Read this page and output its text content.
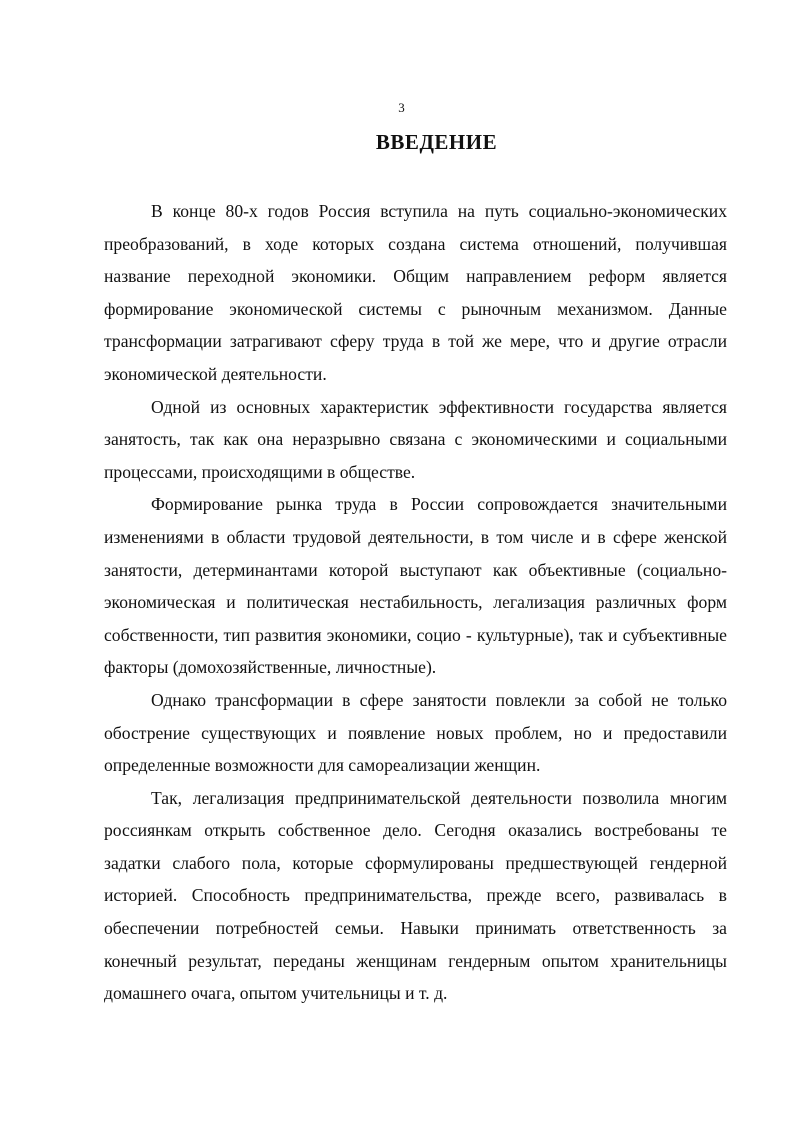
3
ВВЕДЕНИЕ

В конце 80-х годов Россия вступила на путь социально-экономических преобразований, в ходе которых создана система отношений, получившая название переходной экономики. Общим направлением реформ является формирование экономической системы с рыночным механизмом. Данные трансформации затрагивают сферу труда в той же мере, что и другие отрасли экономической деятельности.

Одной из основных характеристик эффективности государства является занятость, так как она неразрывно связана с экономическими и социальными процессами, происходящими в обществе.

Формирование рынка труда в России сопровождается значительными изменениями в области трудовой деятельности, в том числе и в сфере женской занятости, детерминантами которой выступают как объективные (социально-экономическая и политическая нестабильность, легализация различных форм собственности, тип развития экономики, социо - культурные), так и субъективные факторы (домохозяйственные, личностные).

Однако трансформации в сфере занятости повлекли за собой не только обострение существующих и появление новых проблем, но и предоставили определенные возможности для самореализации женщин.

Так, легализация предпринимательской деятельности позволила многим россиянкам открыть собственное дело. Сегодня оказались востребованы те задатки слабого пола, которые сформулированы предшествующей гендерной историей. Способность предпринимательства, прежде всего, развивалась в обеспечении потребностей семьи. Навыки принимать ответственность за конечный результат, переданы женщинам гендерным опытом хранительницы домашнего очага, опытом учительницы и т. д.
